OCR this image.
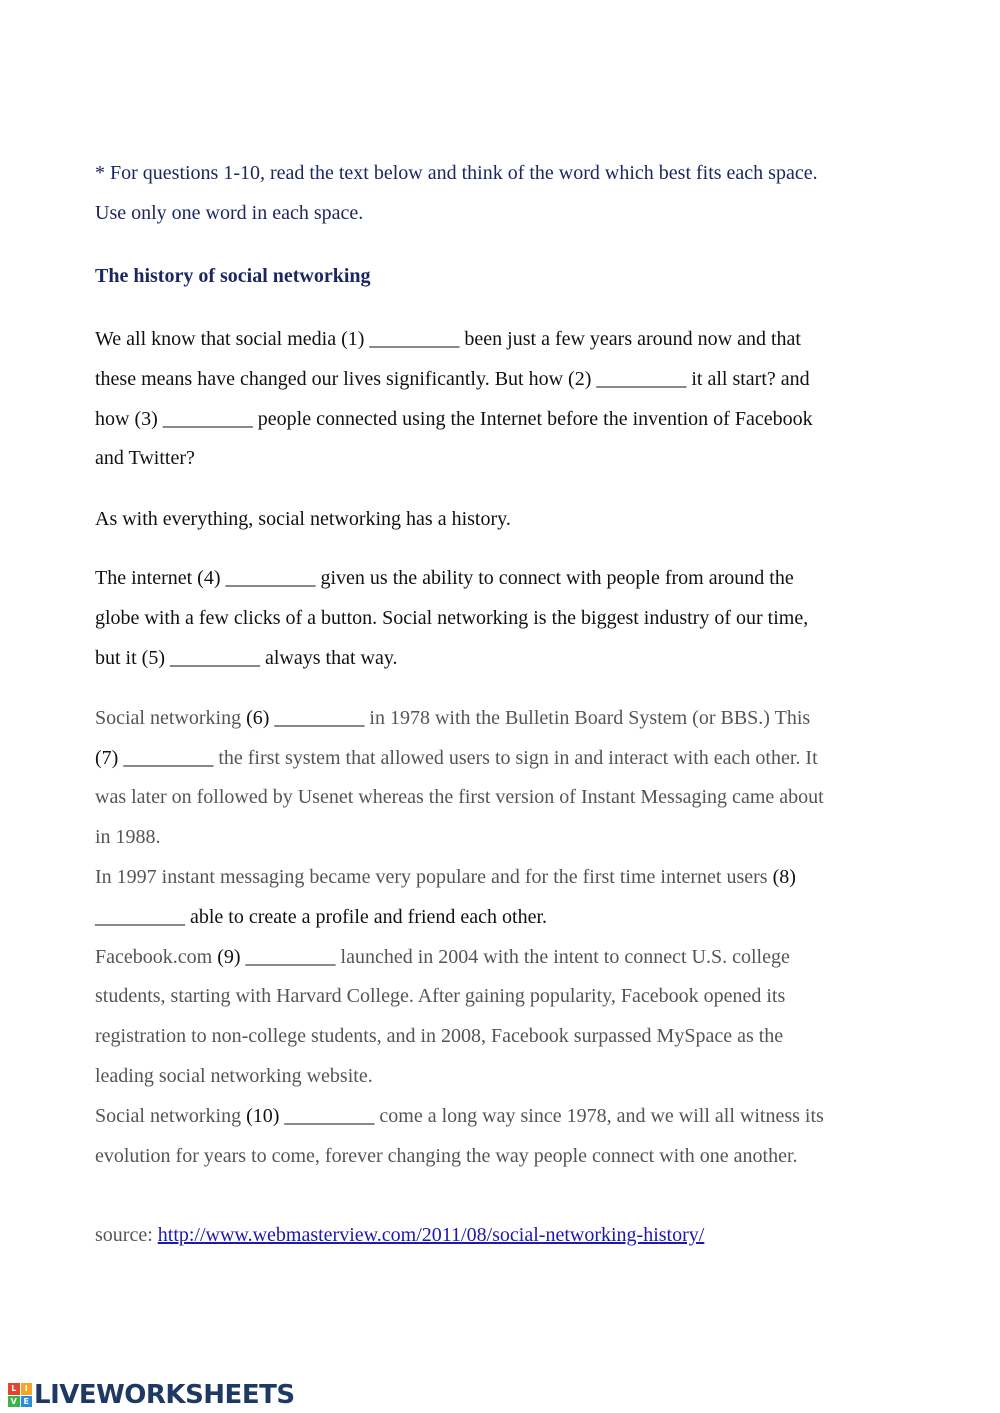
* For questions 1-10, read the text below and think of the word which best fits each space.
Use only one word in each space.
The history of social networking
We all know that social media (1) _________ been just a few years around now and that
these means have changed our lives significantly. But how (2) _________ it all start? and
how (3) _________ people connected using the Internet before the invention of Facebook
and Twitter?
As with everything, social networking has a history.
The internet (4) _________ given us the ability to connect with people from around the
globe with a few clicks of a button. Social networking is the biggest industry of our time,
but it (5) _________ always that way.
Social networking (6) _________ in 1978 with the Bulletin Board System (or BBS.) This
(7) _________ the first system that allowed users to sign in and interact with each other. It
was later on followed by Usenet whereas the first version of Instant Messaging came about
in 1988.
In 1997 instant messaging became very populare and for the first time internet users (8)
_________ able to create a profile and friend each other.
Facebook.com (9) _________ launched in 2004 with the intent to connect U.S. college
students, starting with Harvard College. After gaining popularity, Facebook opened its
registration to non-college students, and in 2008, Facebook surpassed MySpace as the
leading social networking website.
Social networking (10) _________ come a long way since 1978, and we will all witness its
evolution for years to come, forever changing the way people connect with one another.
source: http://www.webmasterview.com/2011/08/social-networking-history/
L	I
V E LIVEWORKSHEETS
